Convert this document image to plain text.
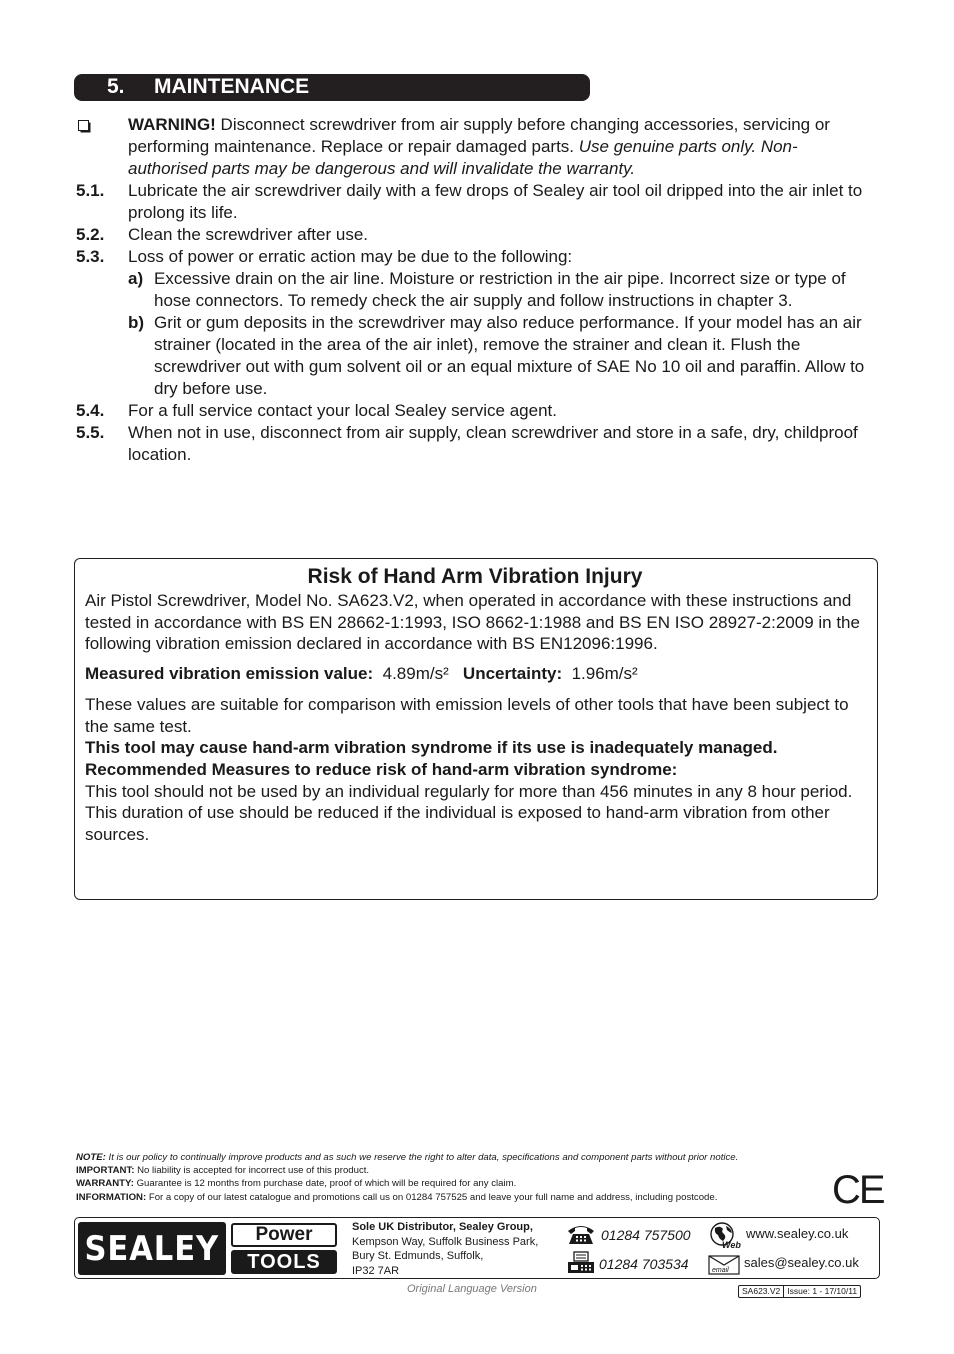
5. MAINTENANCE
WARNING! Disconnect screwdriver from air supply before changing accessories, servicing or performing maintenance. Replace or repair damaged parts. Use genuine parts only. Non-authorised parts may be dangerous and will invalidate the warranty.
5.1.	Lubricate the air screwdriver daily with a few drops of Sealey air tool oil dripped into the air inlet to prolong its life.
5.2.	Clean the screwdriver after use.
5.3.	Loss of power or erratic action may be due to the following:
a) Excessive drain on the air line. Moisture or restriction in the air pipe. Incorrect size or type of hose connectors. To remedy check the air supply and follow instructions in chapter 3.
b) Grit or gum deposits in the screwdriver may also reduce performance. If your model has an air strainer (located in the area of the air inlet), remove the strainer and clean it. Flush the screwdriver out with gum solvent oil or an equal mixture of SAE No 10 oil and paraffin. Allow to dry before use.
5.4.	For a full service contact your local Sealey service agent.
5.5.	When not in use, disconnect from air supply, clean screwdriver and store in a safe, dry, childproof location.
Risk of Hand Arm Vibration Injury
Air Pistol Screwdriver, Model No. SA623.V2, when operated in accordance with these instructions and tested in accordance with BS EN 28662-1:1993, ISO 8662-1:1988 and BS EN ISO 28927-2:2009 in the following vibration emission declared in accordance with BS EN12096:1996.
Measured vibration emission value: 4.89m/s² Uncertainty: 1.96m/s²
These values are suitable for comparison with emission levels of other tools that have been subject to the same test.
This tool may cause hand-arm vibration syndrome if its use is inadequately managed.
Recommended Measures to reduce risk of hand-arm vibration syndrome:
This tool should not be used by an individual regularly for more than 456 minutes in any 8 hour period.
This duration of use should be reduced if the individual is exposed to hand-arm vibration from other sources.
NOTE: It is our policy to continually improve products and as such we reserve the right to alter data, specifications and component parts without prior notice.
IMPORTANT: No liability is accepted for incorrect use of this product.
WARRANTY: Guarantee is 12 months from purchase date, proof of which will be required for any claim.
INFORMATION: For a copy of our latest catalogue and promotions call us on 01284 757525 and leave your full name and address, including postcode.	CE
SEALEY	Power
TOOLS
Sole UK Distributor, Sealey Group,
Kempson Way, Suffolk Business Park,
Bury St. Edmunds, Suffolk,
IP32 7AR
01284 757500
01284 703534
Web
email
www.sealey.co.uk
sales@sealey.co.uk
Original Language Version	SA623.V2 Issue: 1 - 17/10/11
